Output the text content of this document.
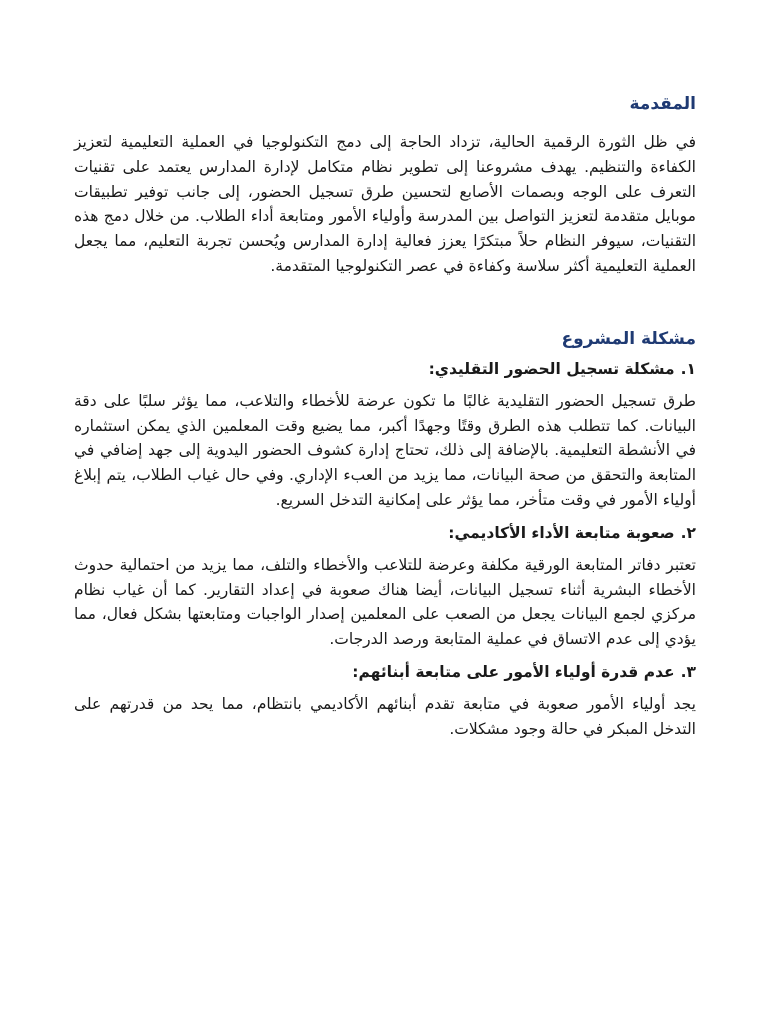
المقدمة

في ظل الثورة الرقمية الحالية، تزداد الحاجة إلى دمج التكنولوجيا في العملية التعليمية لتعزيز الكفاءة والتنظيم. يهدف مشروعنا إلى تطوير نظام متكامل لإدارة المدارس يعتمد على تقنيات التعرف على الوجه وبصمات الأصابع لتحسين طرق تسجيل الحضور، إلى جانب توفير تطبيقات موبايل متقدمة لتعزيز التواصل بين المدرسة وأولياء الأمور ومتابعة أداء الطلاب. من خلال دمج هذه التقنيات، سيوفر النظام حلاً مبتكرًا يعزز فعالية إدارة المدارس ويُحسن تجربة التعليم، مما يجعل العملية التعليمية أكثر سلاسة وكفاءة في عصر التكنولوجيا المتقدمة.

مشكلة المشروع
١.
مشكلة تسجيل الحضور التقليدي:

طرق تسجيل الحضور التقليدية غالبًا ما تكون عرضة للأخطاء والتلاعب، مما يؤثر سلبًا على دقة البيانات. كما تتطلب هذه الطرق وقتًا وجهدًا أكبر، مما يضيع وقت المعلمين الذي يمكن استثماره في الأنشطة التعليمية. بالإضافة إلى ذلك، تحتاج إدارة كشوف الحضور اليدوية إلى جهد إضافي في المتابعة والتحقق من صحة البيانات، مما يزيد من العبء الإداري. وفي حال غياب الطلاب، يتم إبلاغ أولياء الأمور في وقت متأخر، مما يؤثر على إمكانية التدخل السريع.

٢.
صعوبة متابعة الأداء الأكاديمي:

تعتبر دفاتر المتابعة الورقية مكلفة وعرضة للتلاعب والأخطاء والتلف، مما يزيد من احتمالية حدوث الأخطاء البشرية أثناء تسجيل البيانات، أيضا هناك صعوبة في إعداد التقارير. كما أن غياب نظام مركزي لجمع البيانات يجعل من الصعب على المعلمين إصدار الواجبات ومتابعتها بشكل فعال، مما يؤدي إلى عدم الاتساق في عملية المتابعة ورصد الدرجات.

٣.
عدم قدرة أولياء الأمور على متابعة أبنائهم:

يجد أولياء الأمور صعوبة في متابعة تقدم أبنائهم الأكاديمي بانتظام، مما يحد من قدرتهم على التدخل المبكر في حالة وجود مشكلات.
